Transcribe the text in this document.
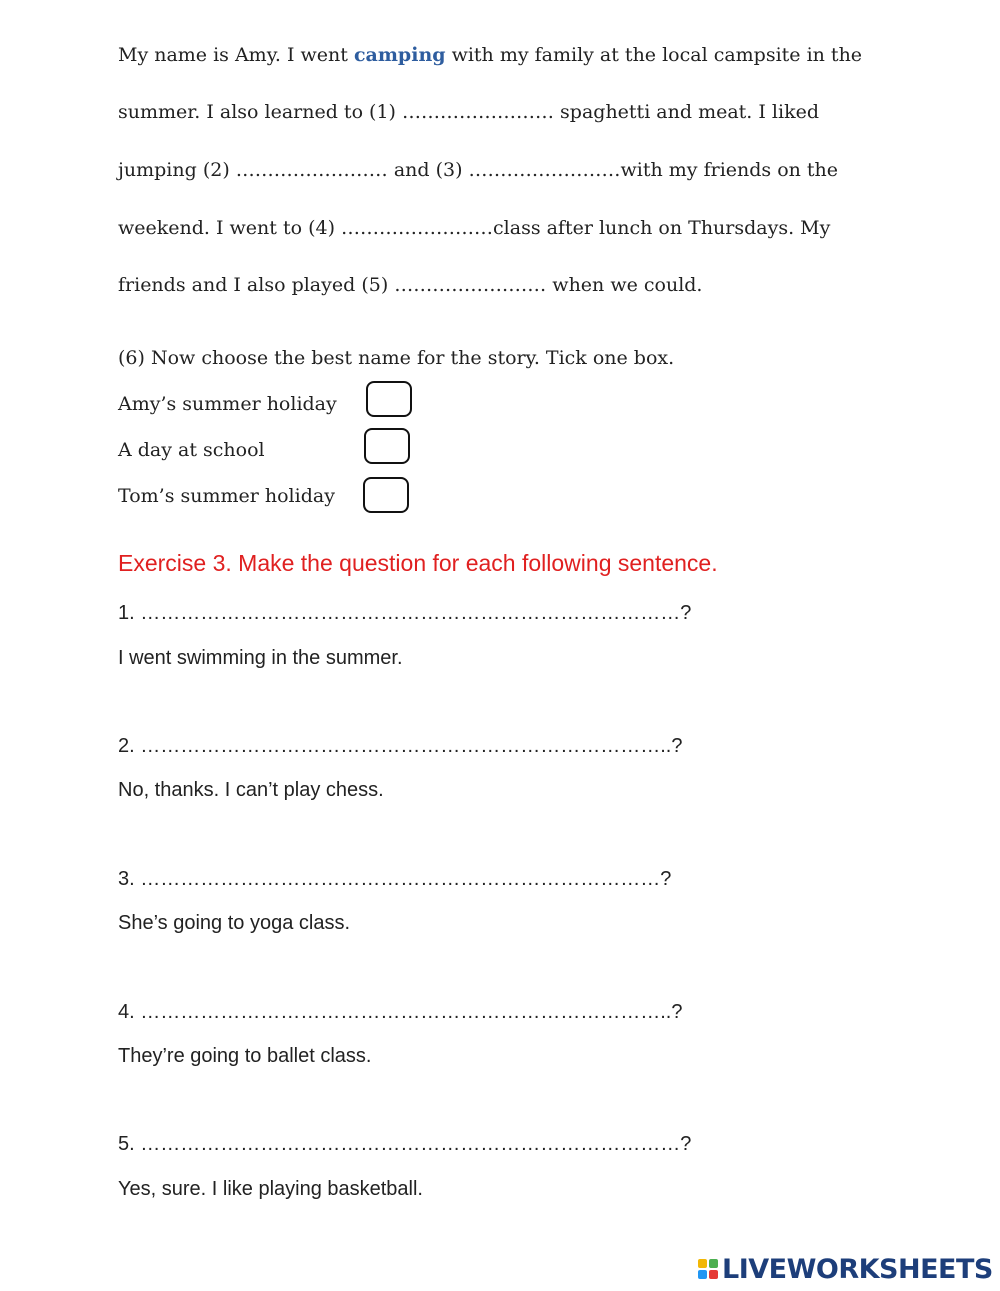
My name is Amy. I went camping with my family at the local campsite in the
summer. I also learned to (1) …………………… spaghetti and meat. I liked
jumping (2) …………………… and (3) ……………………with my friends on the
weekend. I went to (4) ……………………class after lunch on Thursdays. My
friends and I also played (5) …………………… when we could.
(6) Now choose the best name for the story. Tick one box.
Amy’s summer holiday
A day at school
Tom’s summer holiday
Exercise 3. Make the question for each following sentence.
1. ………………………………………………………………………?
I went swimming in the summer.
2. ……………………………………………………………………..?
No, thanks. I can’t play chess.
3. ……………………………………………………………………?
She’s going to yoga class.
4. ……………………………………………………………………..?
They’re going to ballet class.
5. ………………………………………………………………………?
Yes, sure. I like playing basketball.
LIVEWORKSHEETS
